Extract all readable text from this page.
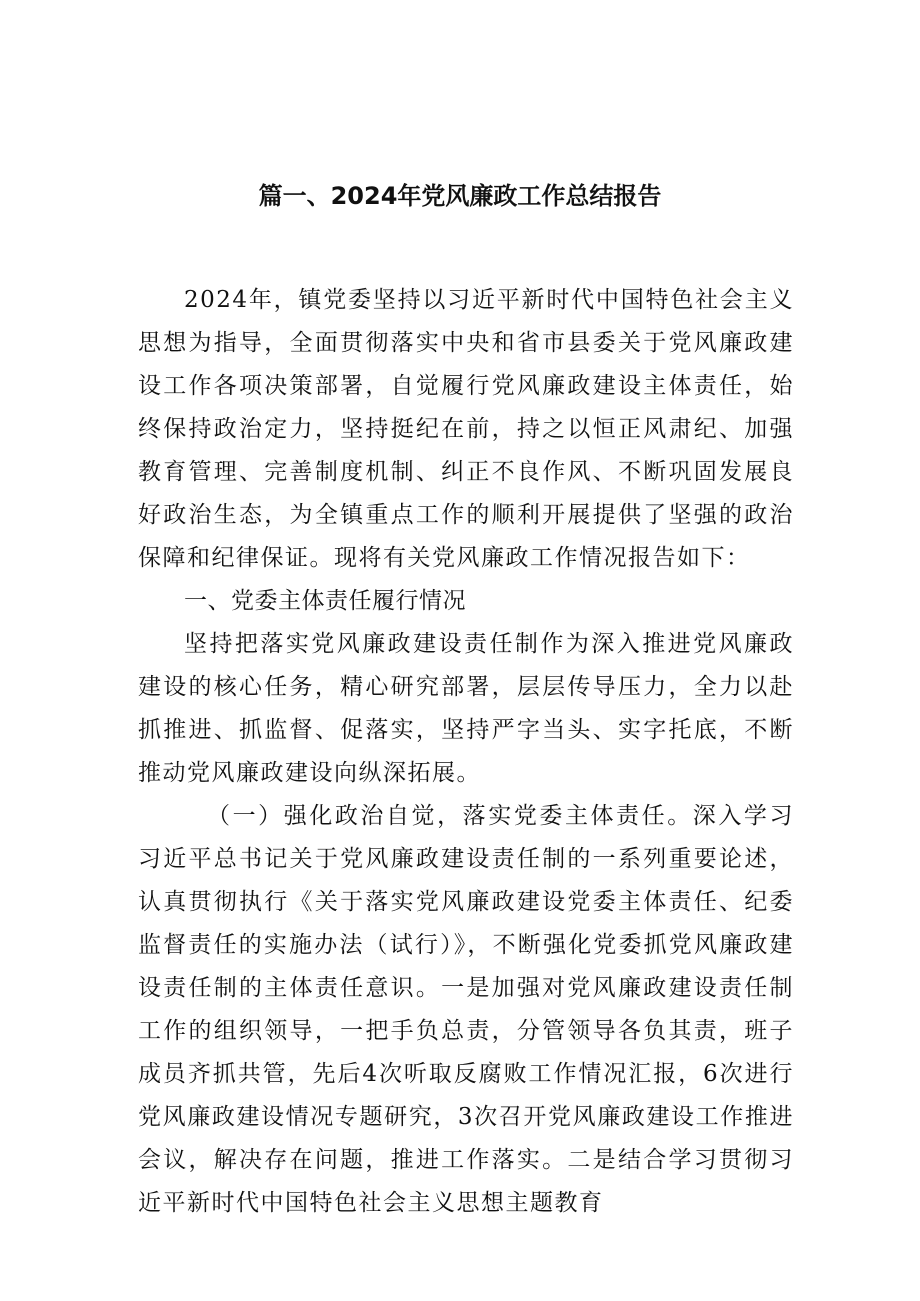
篇一、2024年党风廉政工作总结报告

2024年，镇党委坚持以习近平新时代中国特色社会主义思想为指导，全面贯彻落实中央和省市县委关于党风廉政建设工作各项决策部署，自觉履行党风廉政建设主体责任，始终保持政治定力，坚持挺纪在前，持之以恒正风肃纪、加强教育管理、完善制度机制、纠正不良作风、不断巩固发展良好政治生态，为全镇重点工作的顺利开展提供了坚强的政治保障和纪律保证。现将有关党风廉政工作情况报告如下：

一、党委主体责任履行情况

坚持把落实党风廉政建设责任制作为深入推进党风廉政建设的核心任务，精心研究部署，层层传导压力，全力以赴抓推进、抓监督、促落实，坚持严字当头、实字托底，不断推动党风廉政建设向纵深拓展。

（一）强化政治自觉，落实党委主体责任。深入学习习近平总书记关于党风廉政建设责任制的一系列重要论述，认真贯彻执行《关于落实党风廉政建设党委主体责任、纪委监督责任的实施办法（试行）》，不断强化党委抓党风廉政建设责任制的主体责任意识。一是加强对党风廉政建设责任制工作的组织领导，一把手负总责，分管领导各负其责，班子成员齐抓共管，先后4次听取反腐败工作情况汇报，6次进行党风廉政建设情况专题研究，3次召开党风廉政建设工作推进会议，解决存在问题，推进工作落实。二是结合学习贯彻习近平新时代中国特色社会主义思想主题教育
